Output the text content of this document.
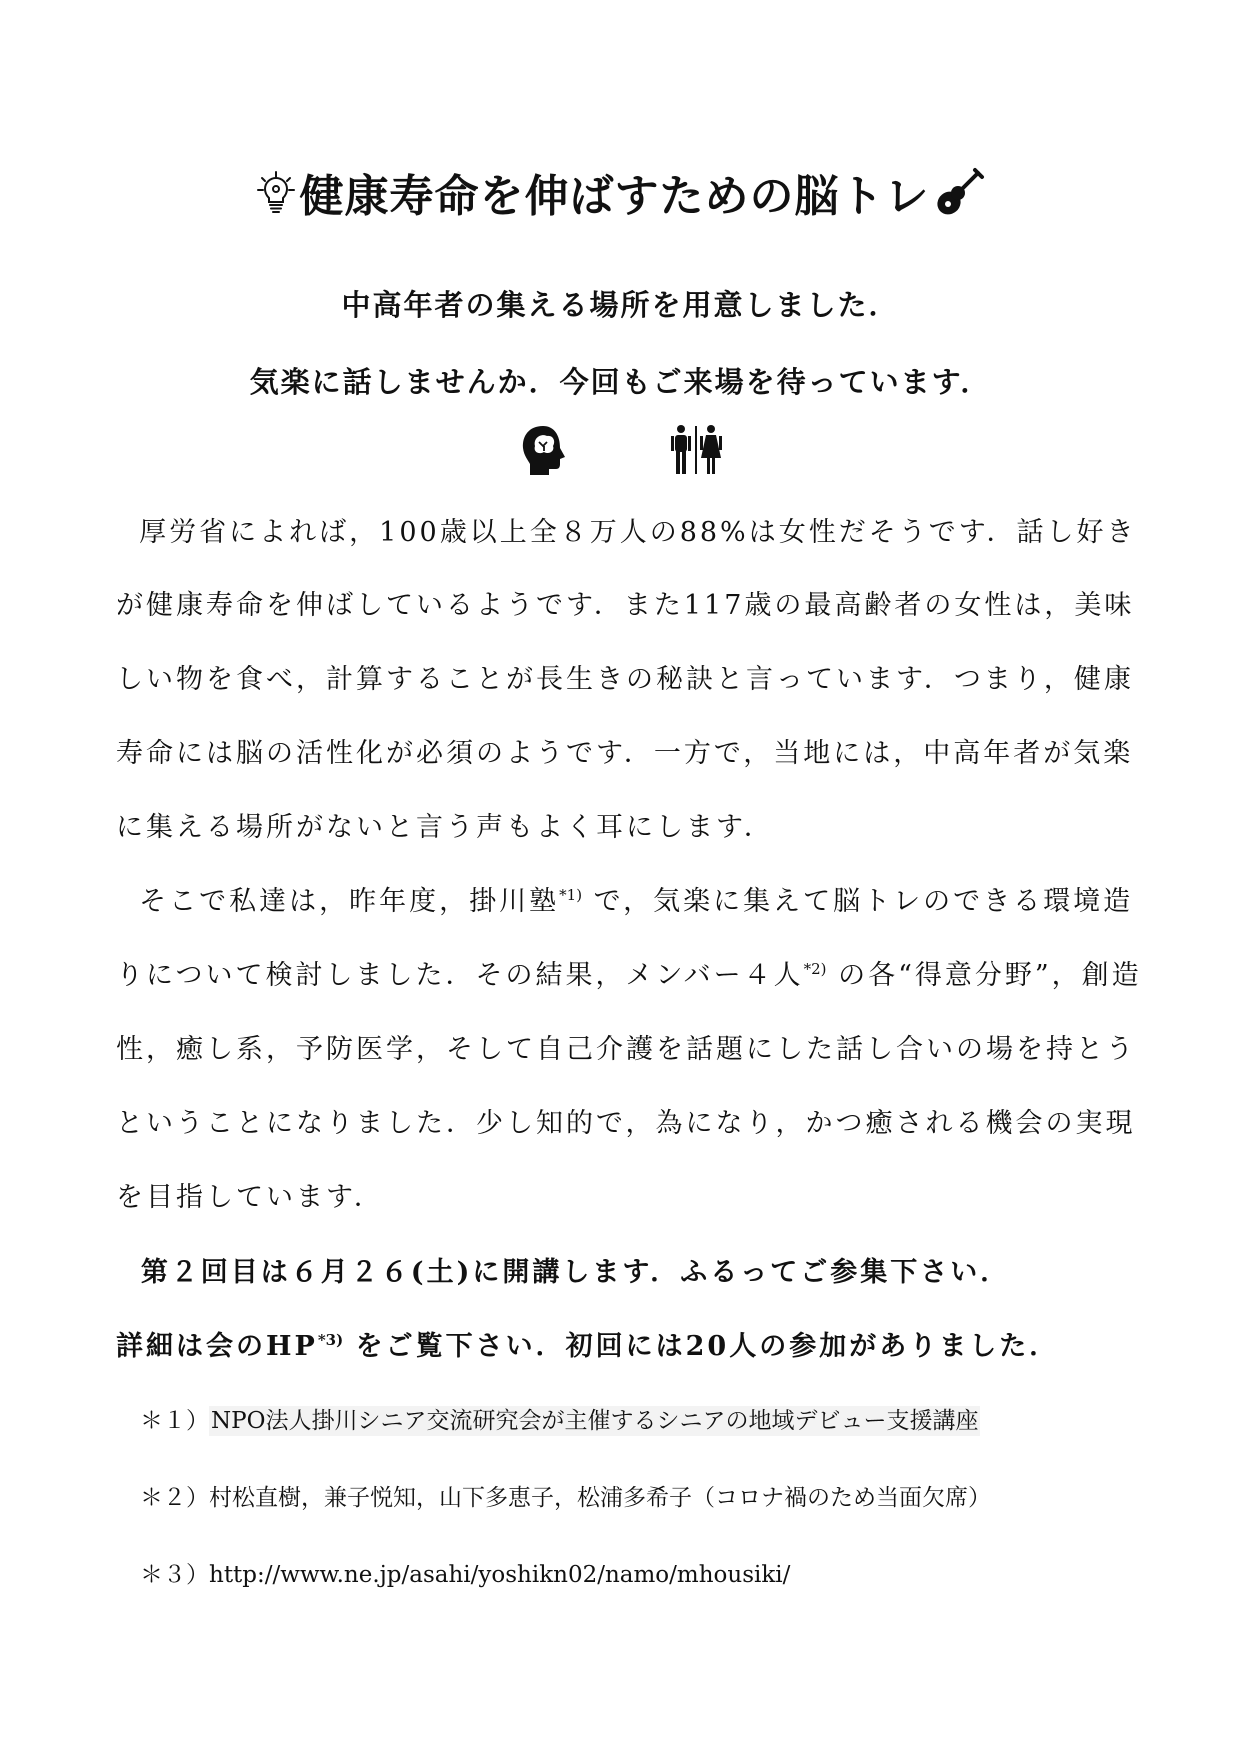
健康寿命を伸ばすための脳トレ
中高年者の集える場所を用意しました．
気楽に話しませんか．今回もご来場を待っています．
厚労省によれば，100歳以上全８万人の88%は女性だそうです．話し好き
が健康寿命を伸ばしているようです．また117歳の最高齢者の女性は，美味
しい物を食べ，計算することが長生きの秘訣と言っています．つまり，健康
寿命には脳の活性化が必須のようです．一方で，当地には，中高年者が気楽
に集える場所がないと言う声もよく耳にします．
そこで私達は，昨年度，掛川塾$^{*1)}$ で，気楽に集えて脳トレのできる環境造
りについて検討しました．その結果，メンバー４人$^{*2)}$ の各“得意分野”，創造
性，癒し系，予防医学，そして自己介護を話題にした話し合いの場を持とう
ということになりました．少し知的で，為になり，かつ癒される機会の実現
を目指しています．
第２回目は６月２６(土)に開講します．ふるってご参集下さい．
詳細は会のHP$^{*3)}$ をご覧下さい．初回には20人の参加がありました．
＊１）NPO法人掛川シニア交流研究会が主催するシニアの地域デビュー支援講座
＊２）村松直樹，兼子悦知，山下多恵子，松浦多希子（コロナ禍のため当面欠席）
＊３）http://www.ne.jp/asahi/yoshikn02/namo/mhousiki/
